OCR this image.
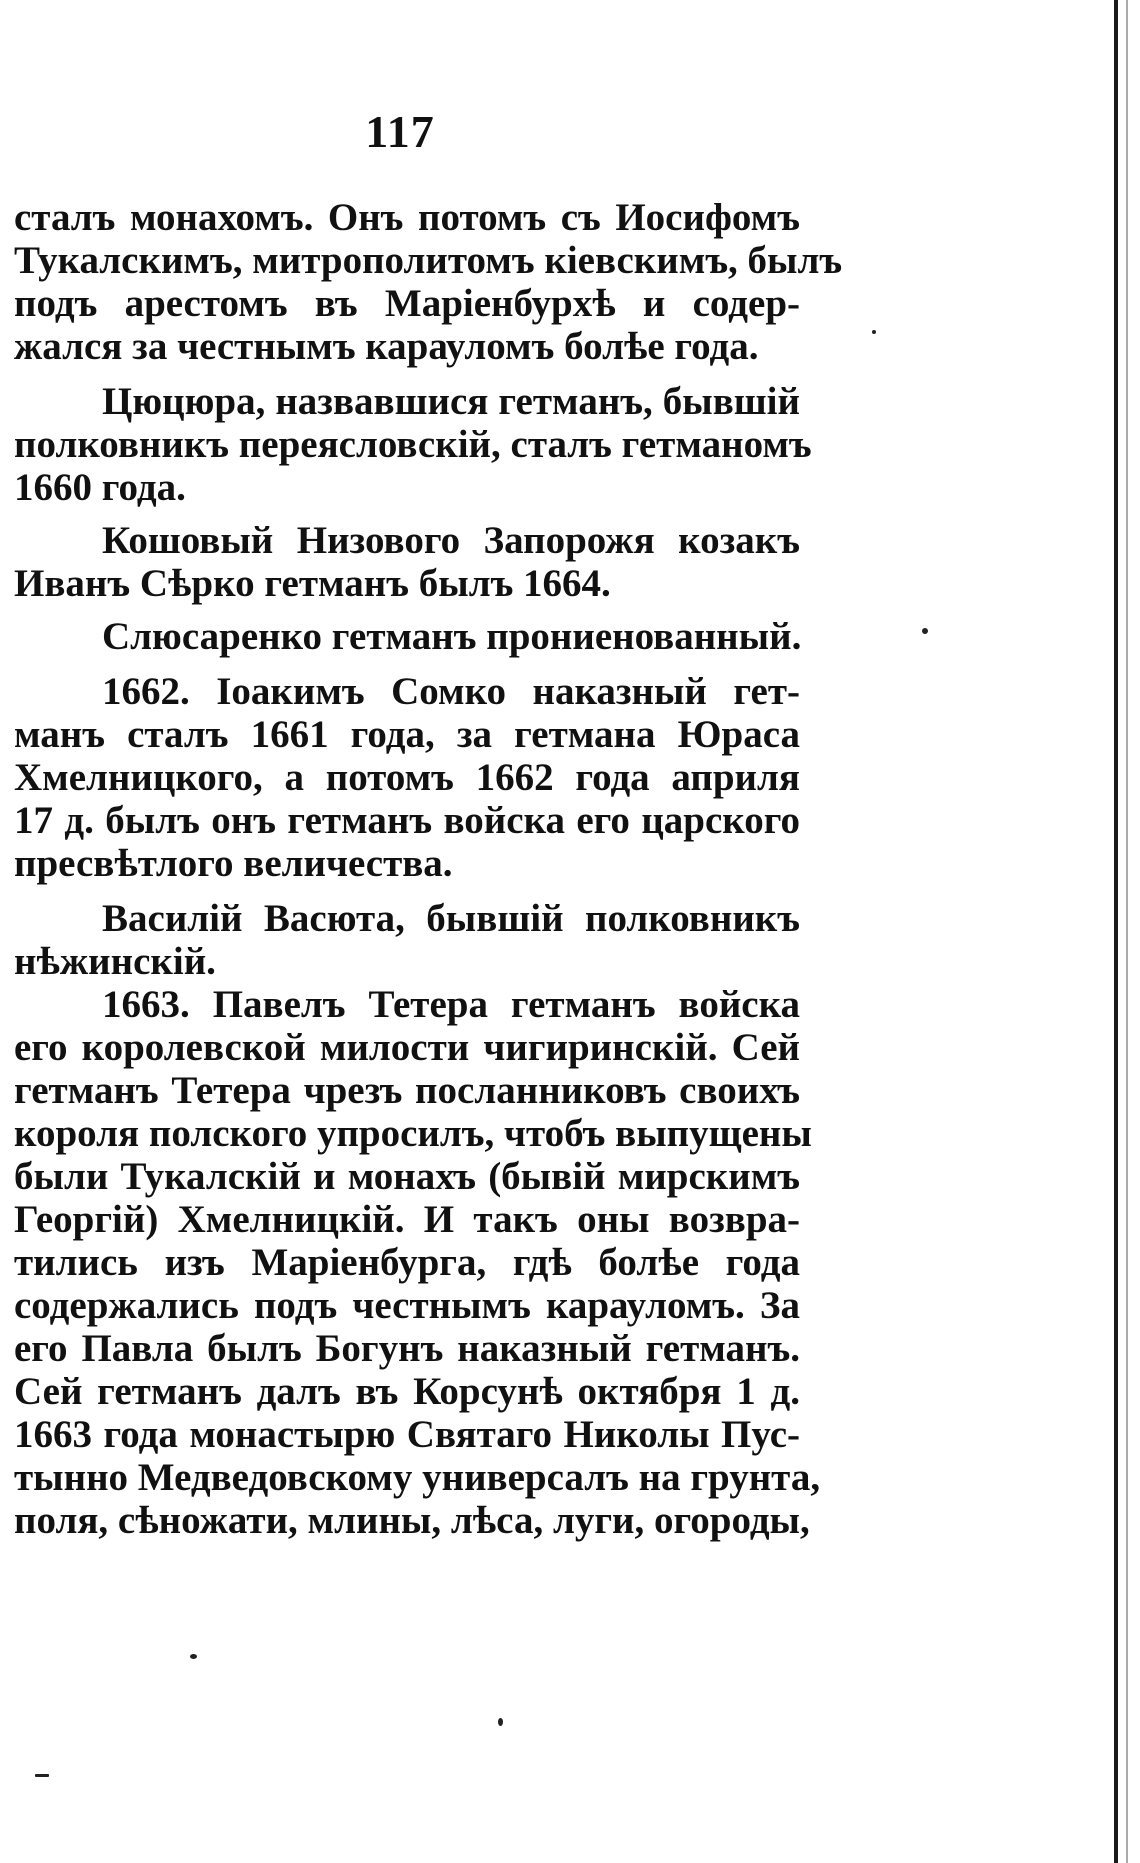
117
сталъ монахомъ. Онъ потомъ съ Иосифомъ
Тукалскимъ, митрополитомъ кіевскимъ, былъ
подъ арестомъ въ Маріенбурхѣ и содер-
жался за честнымъ карауломъ болѣе года.
Цюцюра, назвавшися гетманъ, бывшій
полковникъ переясловскій, сталъ гетманомъ
1660 года.
Кошовый Низового Запорожя козакъ
Иванъ Сѣрко гетманъ былъ 1664.
Слюсаренко гетманъ прониенованный.
1662. Іоакимъ Сомко наказный гет-
манъ сталъ 1661 года, за гетмана Юраса
Хмелницкого, а потомъ 1662 года априля
17 д. былъ онъ гетманъ войска его царского
пресвѣтлого величества.
Василій Васюта, бывшій полковникъ
нѣжинскій.
1663. Павелъ Тетера гетманъ войска
его королевской милости чигиринскій. Сей
гетманъ Тетера чрезъ посланниковъ своихъ
короля полского упросилъ, чтобъ выпущены
были Тукалскій и монахъ (бывій мирскимъ
Георгій) Хмелницкій. И такъ оны возвра-
тились изъ Маріенбурга, гдѣ болѣе года
содержались подъ честнымъ карауломъ. За
его Павла былъ Богунъ наказный гетманъ.
Сей гетманъ далъ въ Корсунѣ октября 1 д.
1663 года монастырю Святаго Николы Пус-
тынно Медведовскому универсалъ на грунта,
поля, сѣножати, млины, лѣса, луги, огороды,
